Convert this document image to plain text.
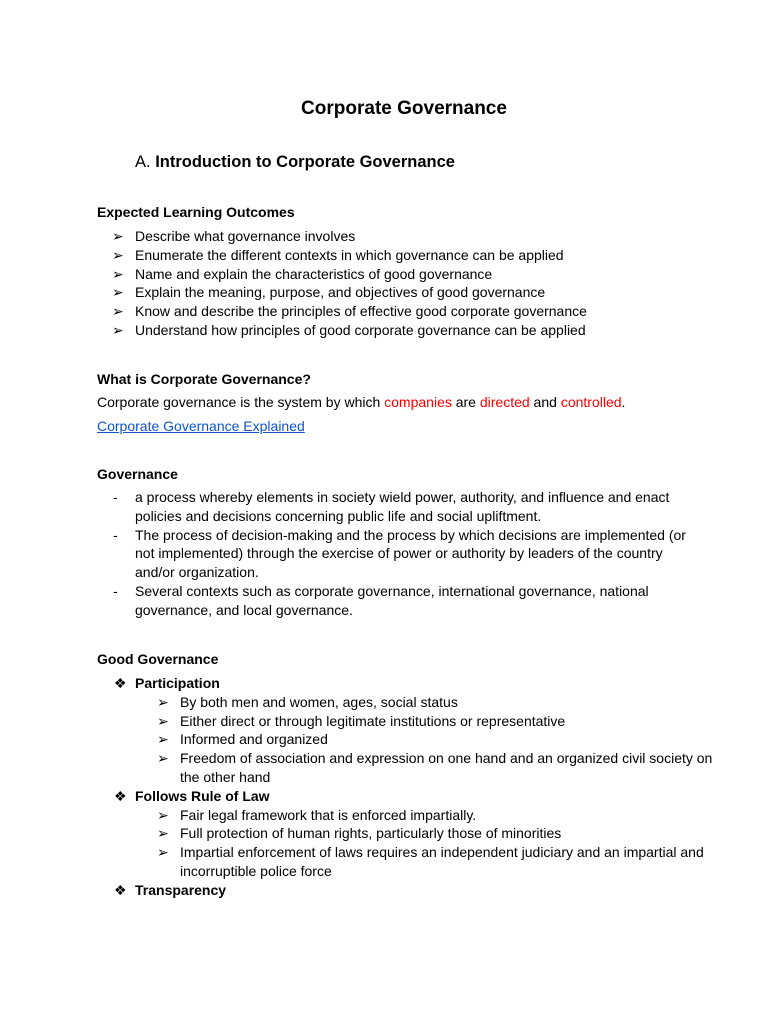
Corporate Governance
A. Introduction to Corporate Governance
Expected Learning Outcomes
➢ Describe what governance involves
➢ Enumerate the different contexts in which governance can be applied
➢ Name and explain the characteristics of good governance
➢ Explain the meaning, purpose, and objectives of good governance
➢ Know and describe the principles of effective good corporate governance
➢ Understand how principles of good corporate governance can be applied
What is Corporate Governance?
Corporate governance is the system by which companies are directed and controlled.
Corporate Governance Explained
Governance
- a process whereby elements in society wield power, authority, and influence and enact policies and decisions concerning public life and social upliftment.
- The process of decision-making and the process by which decisions are implemented (or not implemented) through the exercise of power or authority by leaders of the country and/or organization.
- Several contexts such as corporate governance, international governance, national governance, and local governance.
Good Governance
❖ Participation
➢ By both men and women, ages, social status
➢ Either direct or through legitimate institutions or representative
➢ Informed and organized
➢ Freedom of association and expression on one hand and an organized civil society on the other hand
❖ Follows Rule of Law
➢ Fair legal framework that is enforced impartially.
➢ Full protection of human rights, particularly those of minorities
➢ Impartial enforcement of laws requires an independent judiciary and an impartial and incorruptible police force
❖ Transparency
